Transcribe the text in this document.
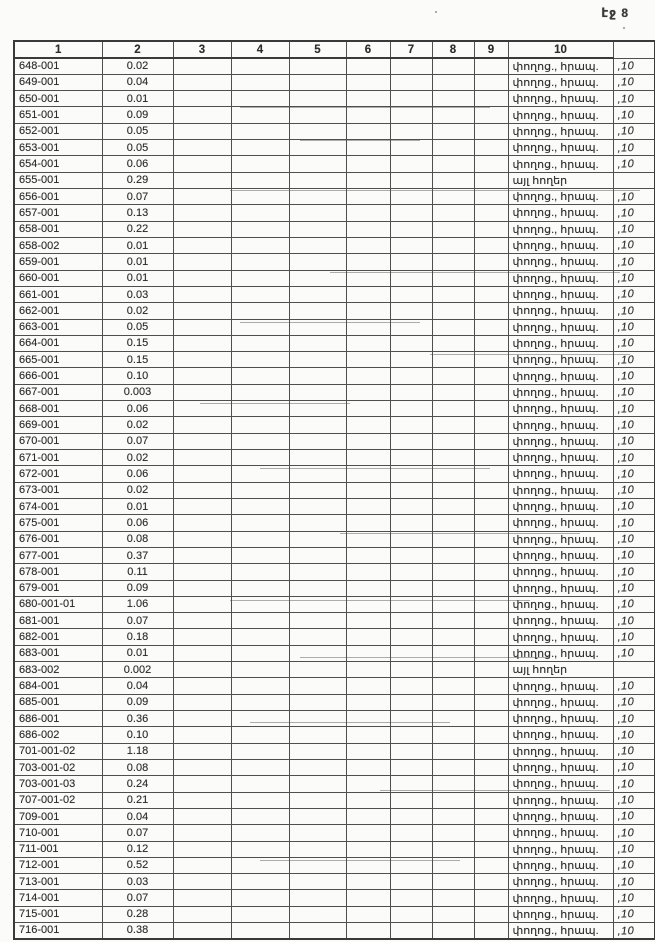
էջ 8
1	2	3	4	5	6	7	8	9	10	
648-001	0.02								փողոց., հրապ.	,10
649-001	0.04								փողոց., հրապ.	,10
650-001	0.01								փողոց., հրապ.	,10
651-001	0.09								փողոց., հրապ.	,10
652-001	0.05								փողոց., հրապ.	,10
653-001	0.05								փողոց., հրապ.	,10
654-001	0.06								փողոց., հրապ.	,10
655-001	0.29								այլ հողեր	
656-001	0.07								փողոց., հրապ.	,10
657-001	0.13								փողոց., հրապ.	,10
658-001	0.22								փողոց., հրապ.	,10
658-002	0.01								փողոց., հրապ.	,10
659-001	0.01								փողոց., հրապ.	,10
660-001	0.01								փողոց., հրապ.	,10
661-001	0.03								փողոց., հրապ.	,10
662-001	0.02								փողոց., հրապ.	,10
663-001	0.05								փողոց., հրապ.	,10
664-001	0.15								փողոց., հրապ.	,10
665-001	0.15								փողոց., հրապ.	,10
666-001	0.10								փողոց., հրապ.	,10
667-001	0.003								փողոց., հրապ.	,10
668-001	0.06								փողոց., հրապ.	,10
669-001	0.02								փողոց., հրապ.	,10
670-001	0.07								փողոց., հրապ.	,10
671-001	0.02								փողոց., հրապ.	,10
672-001	0.06								փողոց., հրապ.	,10
673-001	0.02								փողոց., հրապ.	,10
674-001	0.01								փողոց., հրապ.	,10
675-001	0.06								փողոց., հրապ.	,10
676-001	0.08								փողոց., հրապ.	,10
677-001	0.37								փողոց., հրապ.	,10
678-001	0.11								փողոց., հրապ.	,10
679-001	0.09								փողոց., հրապ.	,10
680-001-01	1.06								փողոց., հրապ.	,10
681-001	0.07								փողոց., հրապ.	,10
682-001	0.18								փողոց., հրապ.	,10
683-001	0.01								փողոց., հրապ.	,10
683-002	0.002								այլ հողեր	
684-001	0.04								փողոց., հրապ.	,10
685-001	0.09								փողոց., հրապ.	,10
686-001	0.36								փողոց., հրապ.	,10
686-002	0.10								փողոց., հրապ.	,10
701-001-02	1.18								փողոց., հրապ.	,10
703-001-02	0.08								փողոց., հրապ.	,10
703-001-03	0.24								փողոց., հրապ.	,10
707-001-02	0.21								փողոց., հրապ.	,10
709-001	0.04								փողոց., հրապ.	,10
710-001	0.07								փողոց., հրապ.	,10
711-001	0.12								փողոց., հրապ.	,10
712-001	0.52								փողոց., հրապ.	,10
713-001	0.03								փողոց., հրապ.	,10
714-001	0.07								փողոց., հրապ.	,10
715-001	0.28								փողոց., հրապ.	,10
716-001	0.38								փողոց., հրապ.	,10
